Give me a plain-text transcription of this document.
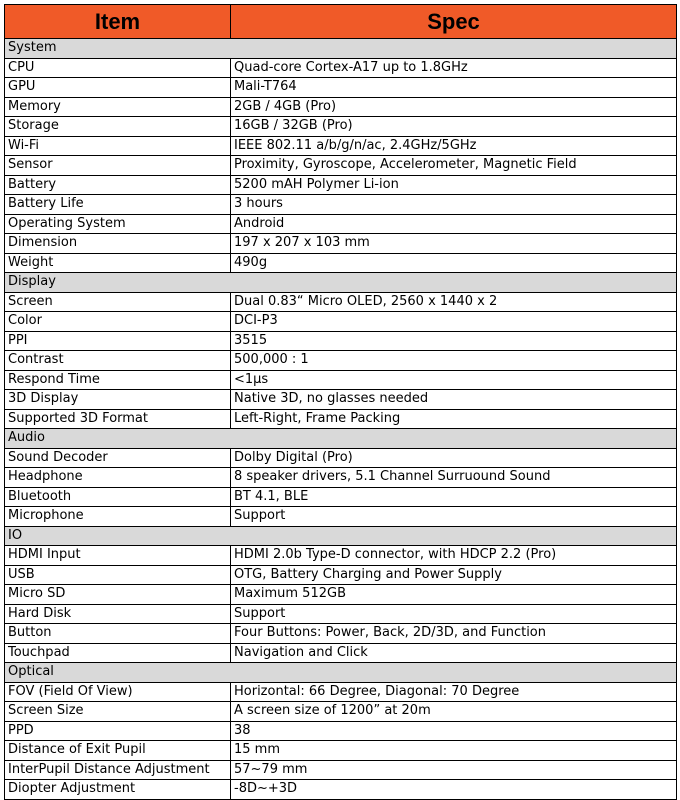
Item	Spec
System	
CPU	Quad-core Cortex-A17 up to 1.8GHz
GPU	Mali-T764
Memory	2GB / 4GB (Pro)
Storage	16GB / 32GB (Pro)
Wi-Fi	IEEE 802.11 a/b/g/n/ac, 2.4GHz/5GHz
Sensor	Proximity, Gyroscope, Accelerometer, Magnetic Field
Battery	5200 mAH Polymer Li-ion
Battery Life	3 hours
Operating System	Android
Dimension	197 x 207 x 103 mm
Weight	490g
Display	
Screen	Dual 0.83“ Micro OLED, 2560 x 1440 x 2
Color	DCI-P3
PPI	3515
Contrast	500,000 : 1
Respond Time	<1µs
3D Display	Native 3D, no glasses needed
Supported 3D Format	Left-Right, Frame Packing
Audio	
Sound Decoder	Dolby Digital (Pro)
Headphone	8 speaker drivers, 5.1 Channel Surruound Sound
Bluetooth	BT 4.1, BLE
Microphone	Support
IO	
HDMI Input	HDMI 2.0b Type-D connector, with HDCP 2.2 (Pro)
USB	OTG, Battery Charging and Power Supply
Micro SD	Maximum 512GB
Hard Disk	Support
Button	Four Buttons: Power, Back, 2D/3D, and Function
Touchpad	Navigation and Click
Optical	
FOV (Field Of View)	Horizontal: 66 Degree, Diagonal: 70 Degree
Screen Size	A screen size of 1200” at 20m
PPD	38
Distance of Exit Pupil	15 mm
InterPupil Distance Adjustment	57~79 mm
Diopter Adjustment	-8D~+3D
